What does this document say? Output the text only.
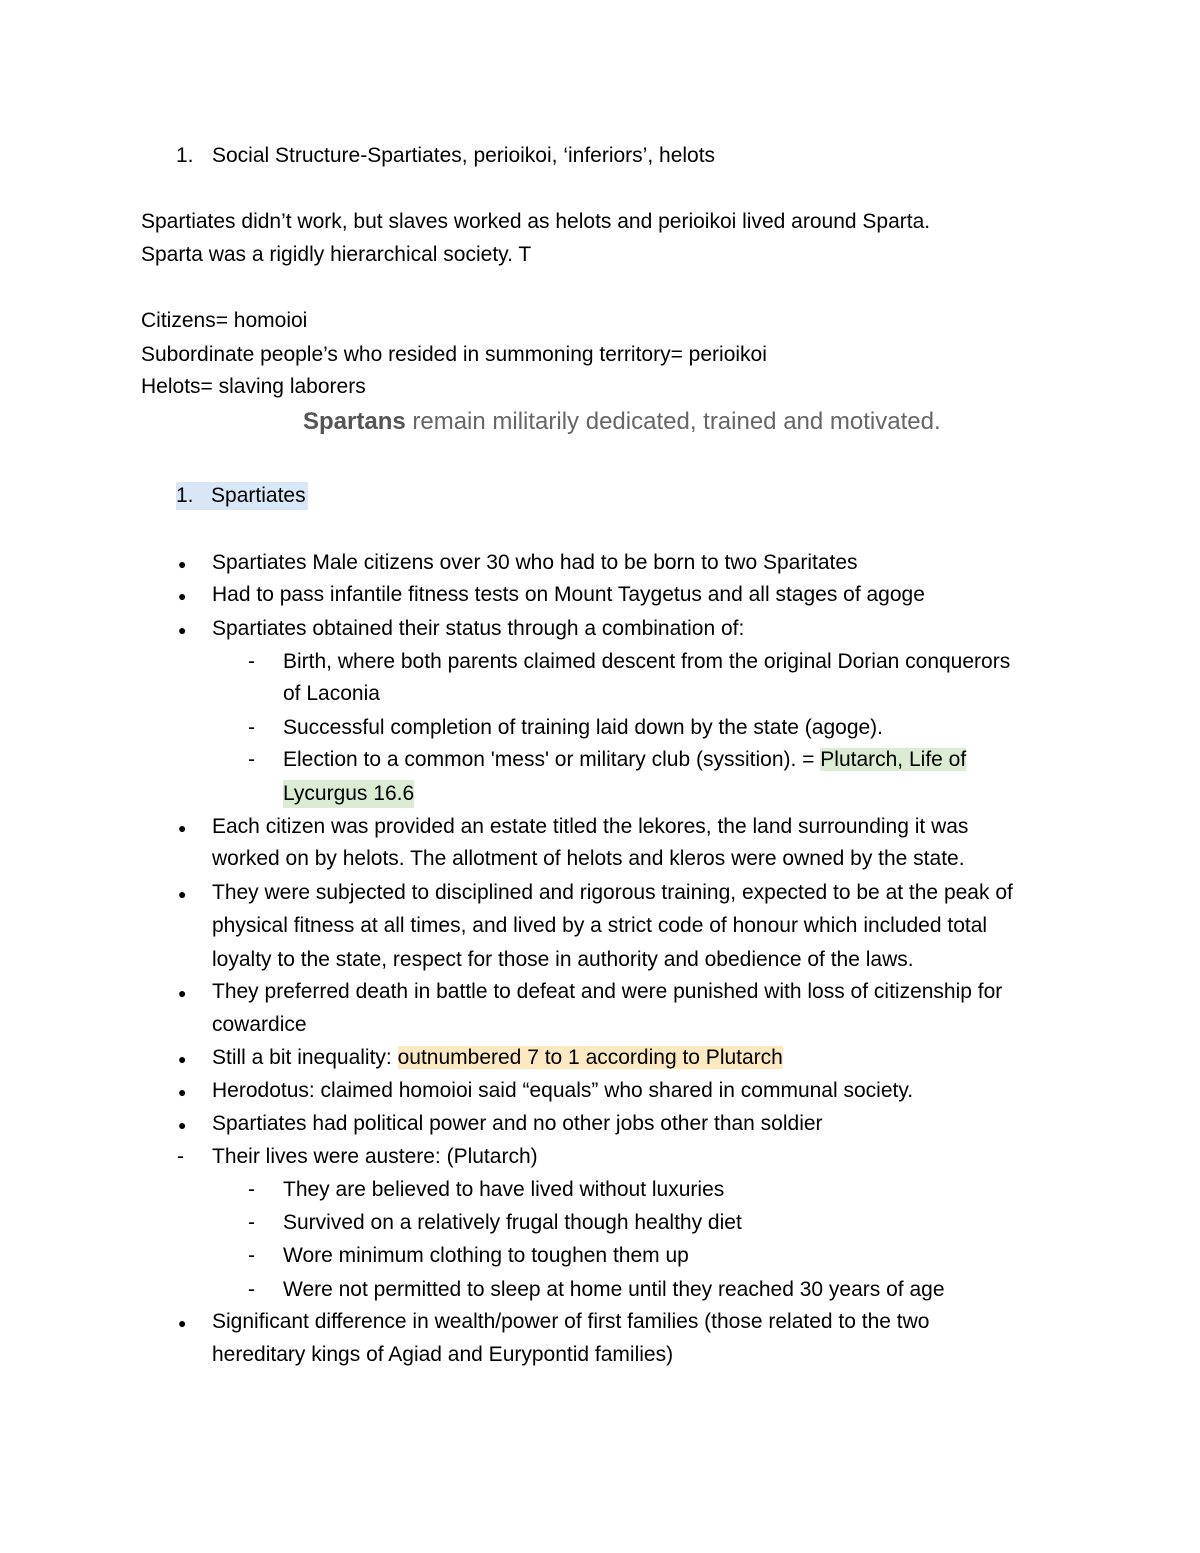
1. Social Structure-Spartiates, perioikoi, ‘inferiors’, helots
Spartiates didn’t work, but slaves worked as helots and perioikoi lived around Sparta.
Sparta was a rigidly hierarchical society. T
Citizens= homoioi
Subordinate people’s who resided in summoning territory= perioikoi
Helots= slaving laborers
Spartans remain militarily dedicated, trained and motivated.
1. Spartiates
● Spartiates Male citizens over 30 who had to be born to two Sparitates
● Had to pass infantile fitness tests on Mount Taygetus and all stages of agoge
● Spartiates obtained their status through a combination of:
- Birth, where both parents claimed descent from the original Dorian conquerors
of Laconia
- Successful completion of training laid down by the state (agoge).
- Election to a common 'mess' or military club (syssition). = Plutarch, Life of
Lycurgus 16.6
● Each citizen was provided an estate titled the lekores, the land surrounding it was
worked on by helots. The allotment of helots and kleros were owned by the state.
● They were subjected to disciplined and rigorous training, expected to be at the peak of
physical fitness at all times, and lived by a strict code of honour which included total
loyalty to the state, respect for those in authority and obedience of the laws.
● They preferred death in battle to defeat and were punished with loss of citizenship for
cowardice
● Still a bit inequality: outnumbered 7 to 1 according to Plutarch
● Herodotus: claimed homoioi said “equals” who shared in communal society.
● Spartiates had political power and no other jobs other than soldier
- Their lives were austere: (Plutarch)
- They are believed to have lived without luxuries
- Survived on a relatively frugal though healthy diet
- Wore minimum clothing to toughen them up
- Were not permitted to sleep at home until they reached 30 years of age
● Significant difference in wealth/power of first families (those related to the two
hereditary kings of Agiad and Eurypontid families)
